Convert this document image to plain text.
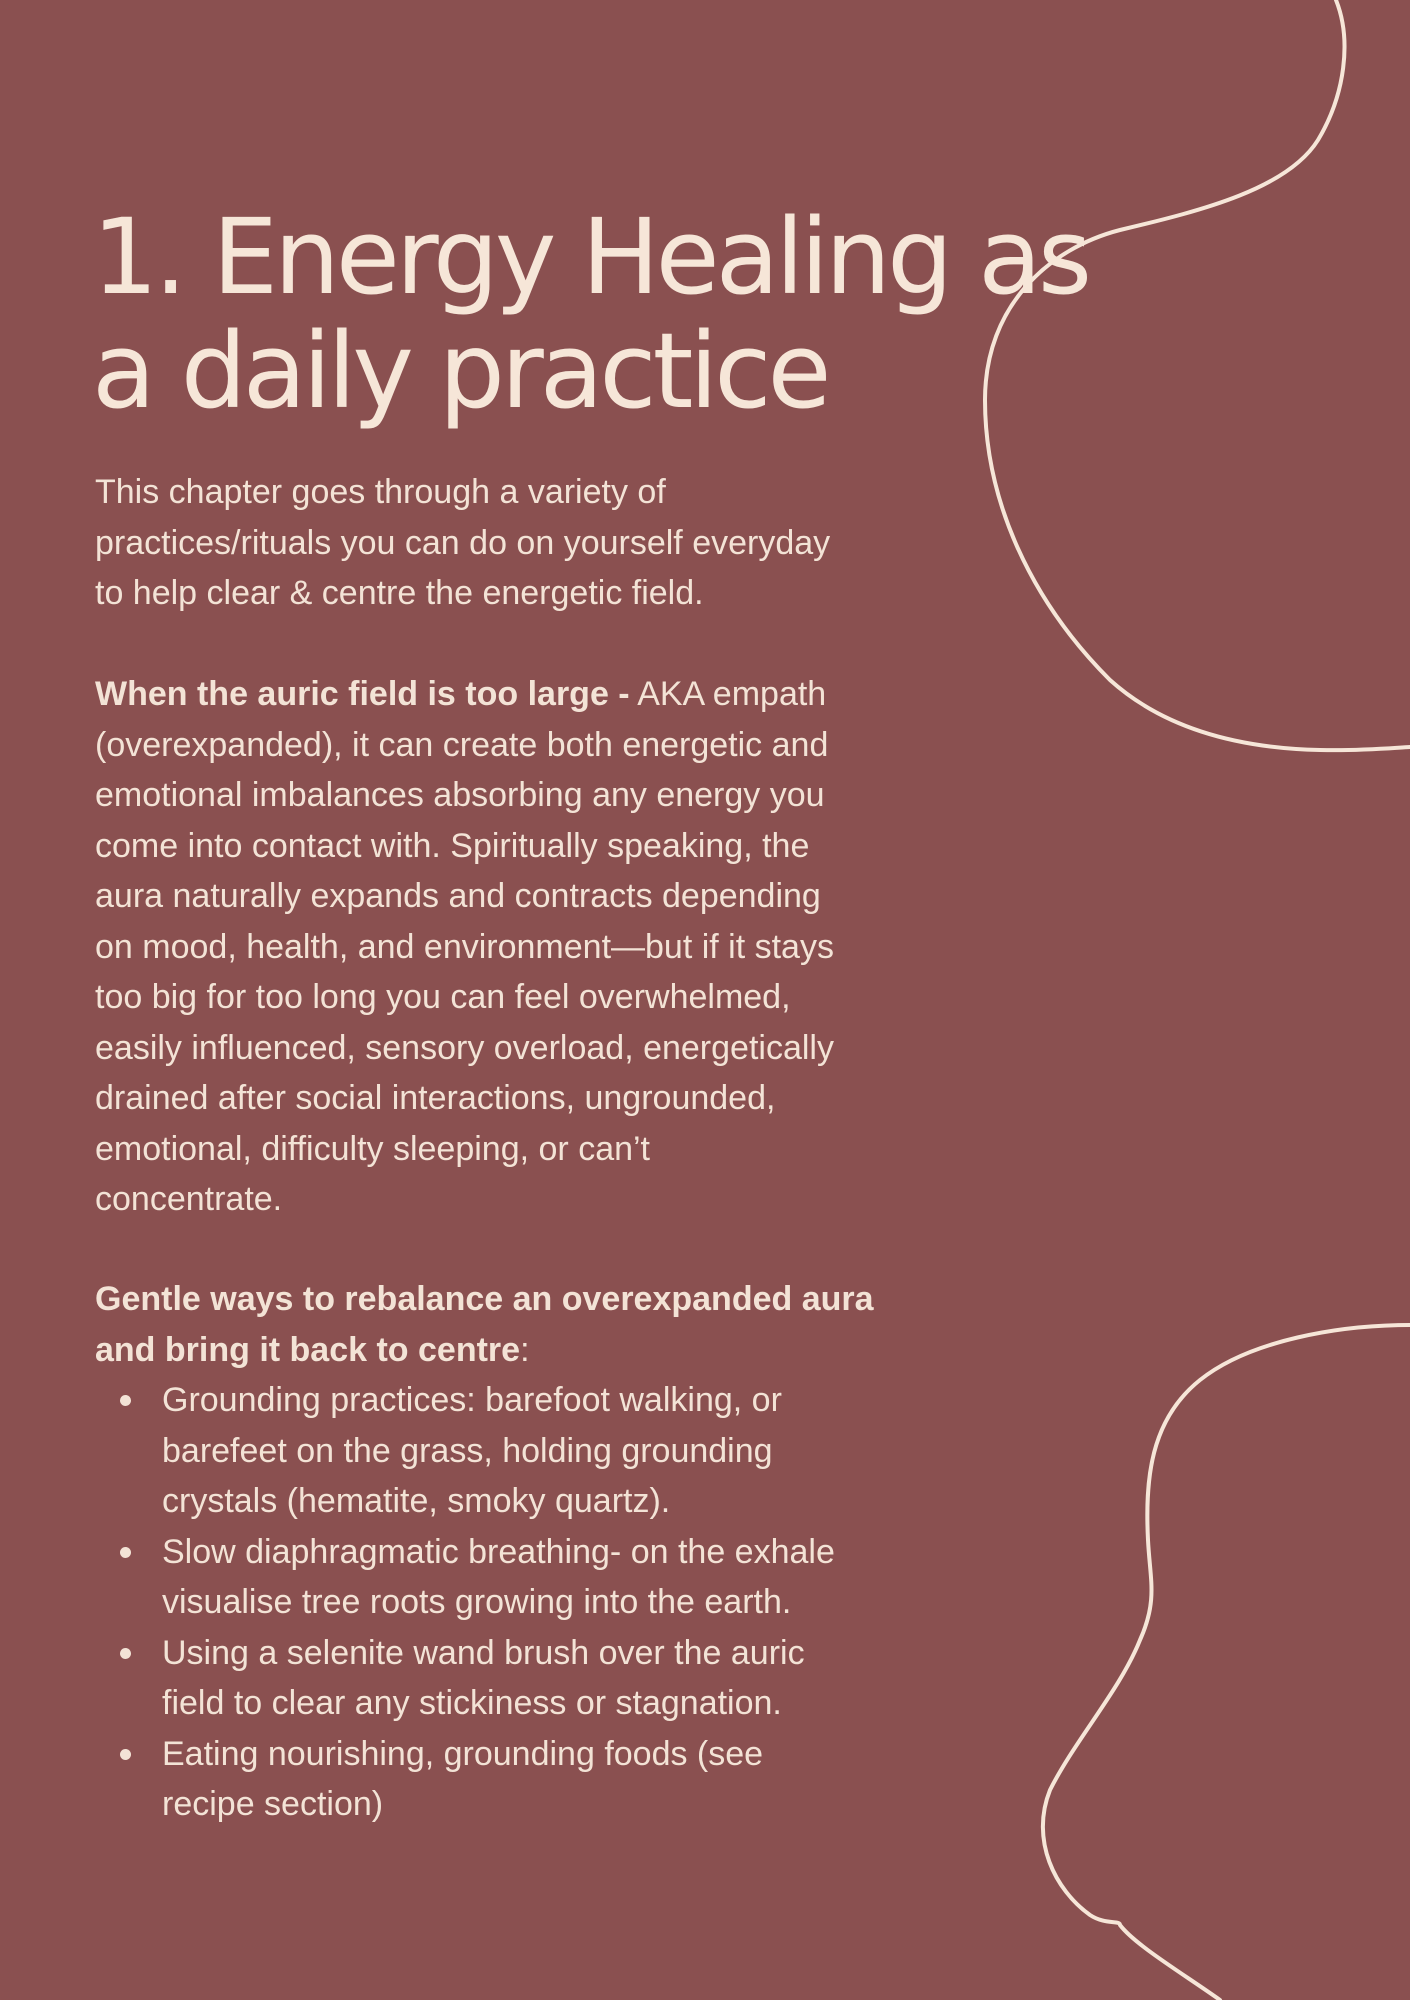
1. Energy Healing as
a daily practice

This chapter goes through a variety of
practices/rituals you can do on yourself everyday
to help clear & centre the energetic field.

When the auric field is too large - AKA empath
(overexpanded), it can create both energetic and
emotional imbalances absorbing any energy you
come into contact with. Spiritually speaking, the
aura naturally expands and contracts depending
on mood, health, and environment—but if it stays
too big for too long you can feel overwhelmed,
easily influenced, sensory overload, energetically
drained after social interactions, ungrounded,
emotional, difficulty sleeping, or can’t
concentrate.

Gentle ways to rebalance an overexpanded aura
and bring it back to centre:

Grounding practices: barefoot walking, or
barefeet on the grass, holding grounding
crystals (hematite, smoky quartz).
Slow diaphragmatic breathing- on the exhale
visualise tree roots growing into the earth.
Using a selenite wand brush over the auric
field to clear any stickiness or stagnation.
Eating nourishing, grounding foods (see
recipe section)
